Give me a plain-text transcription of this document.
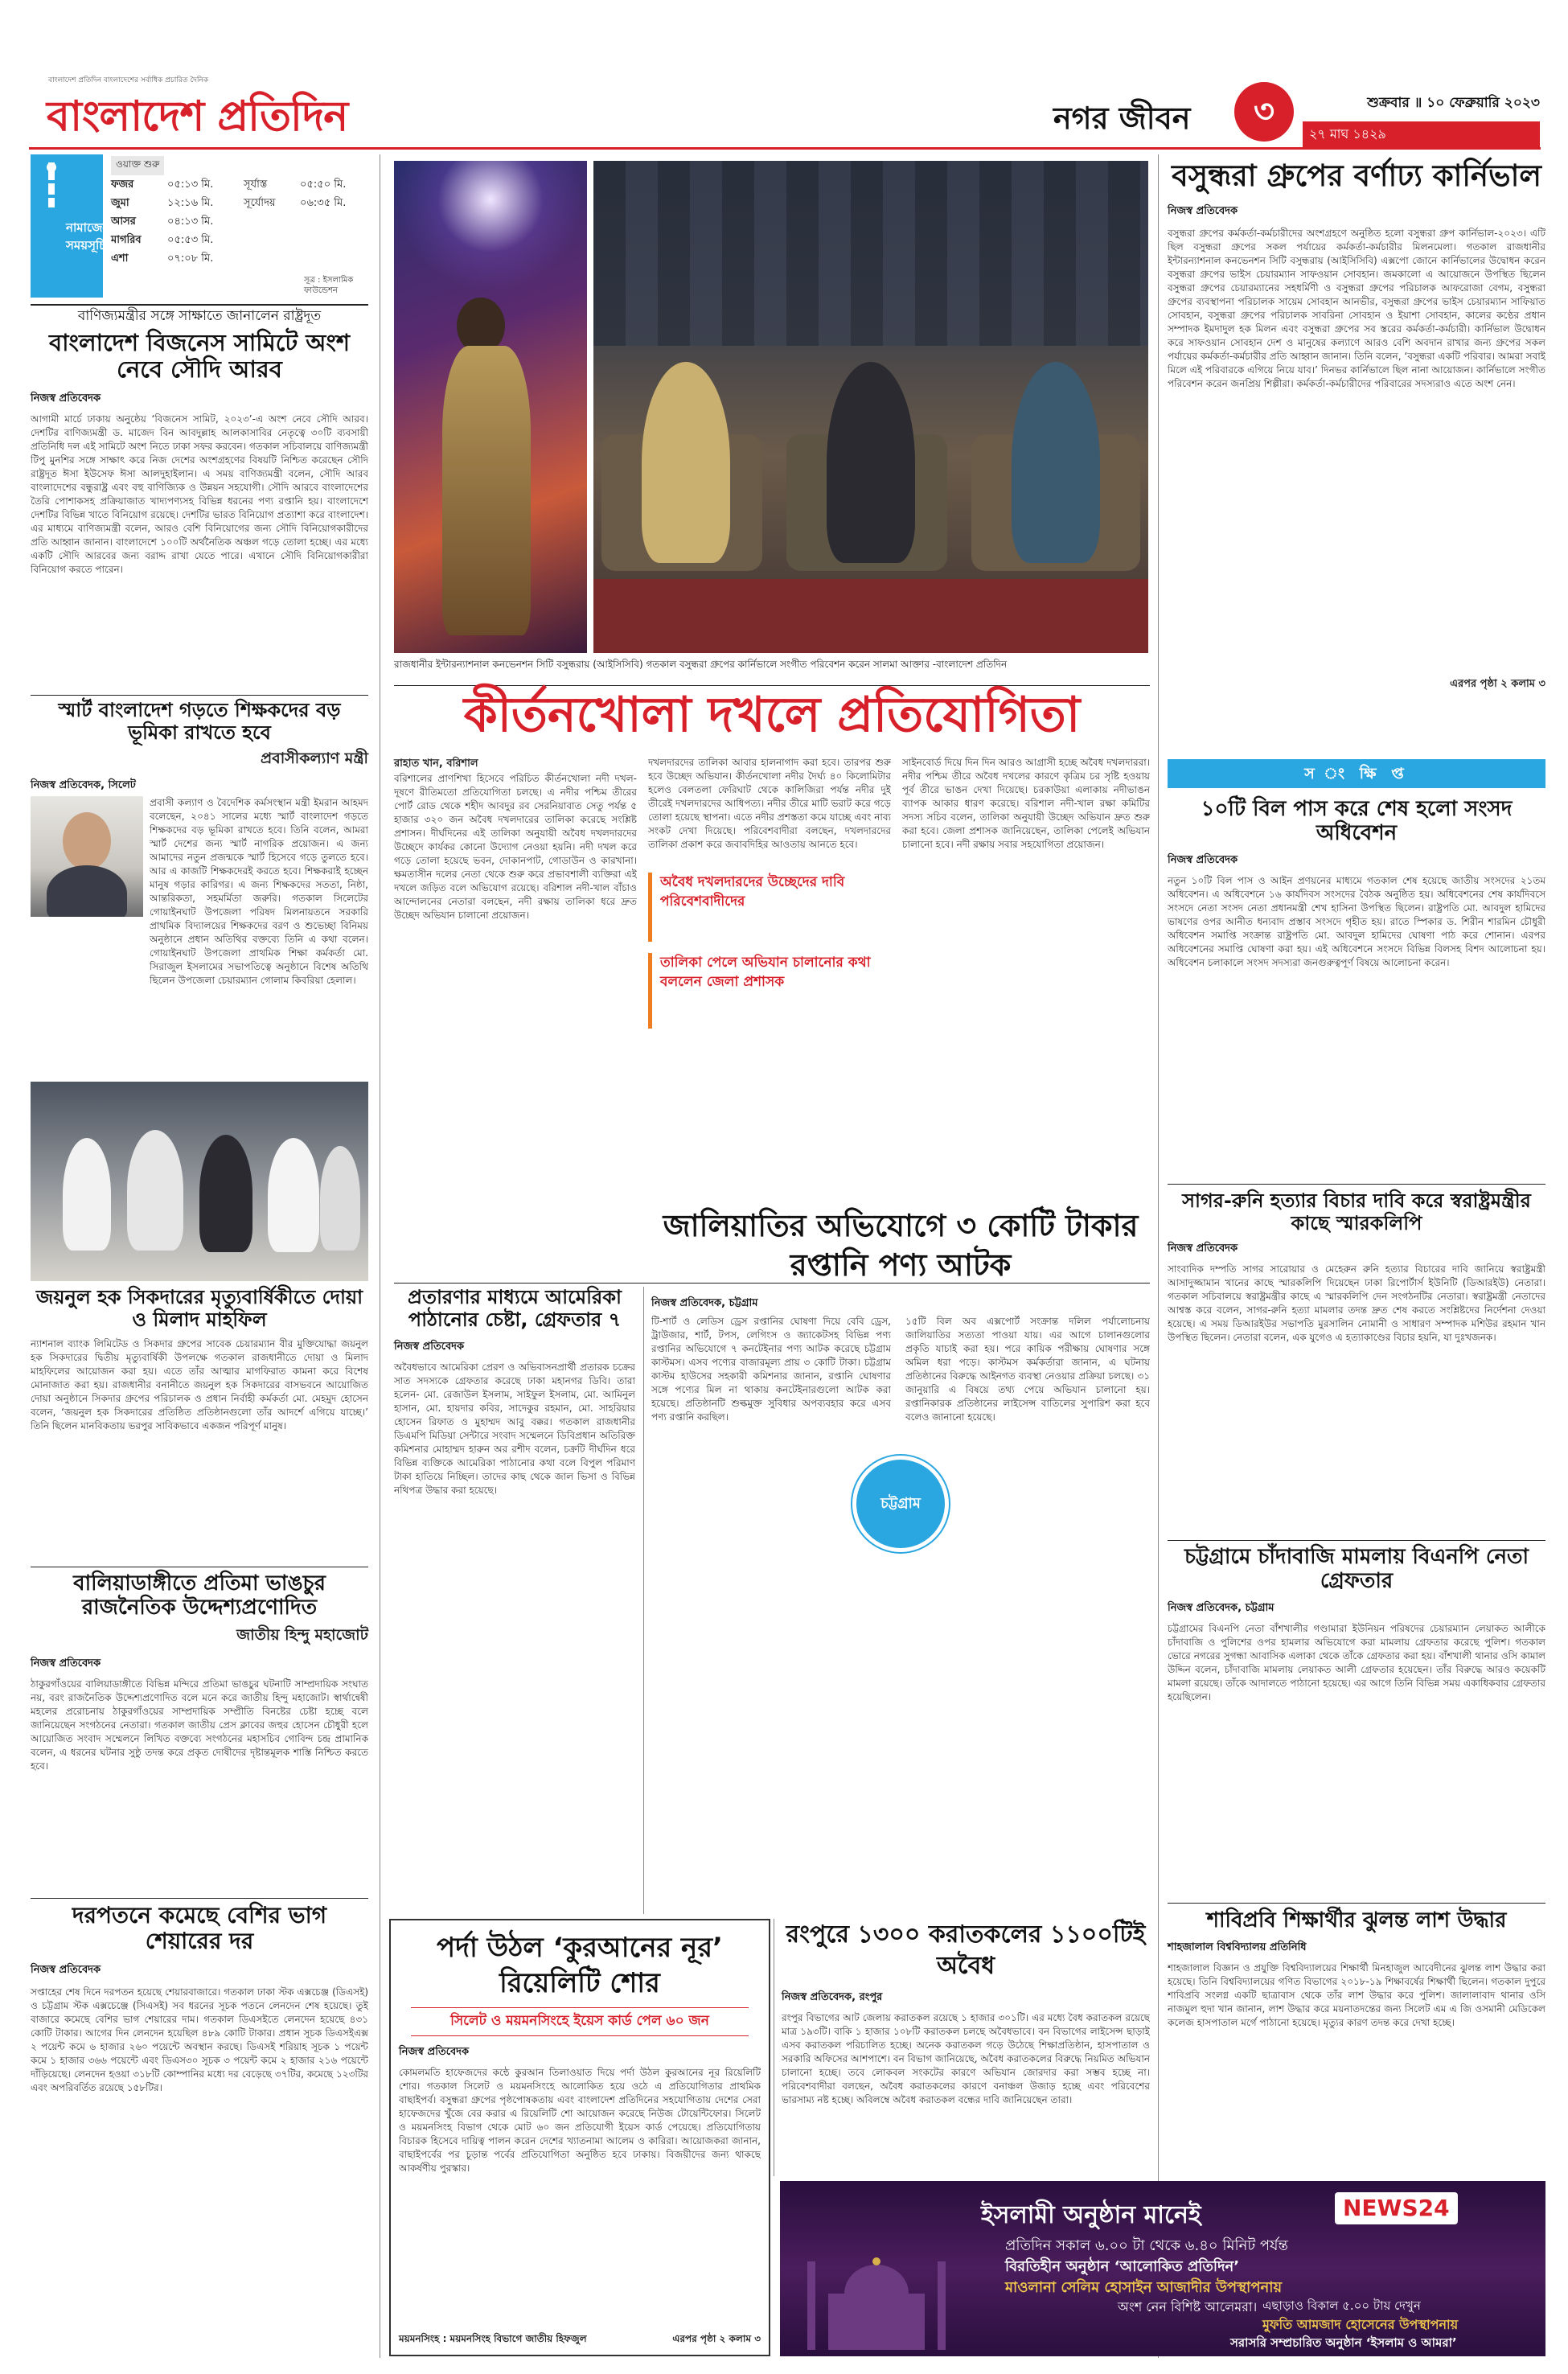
বাংলাদেশ প্রতিদিন বাংলাদেশের সর্বাধিক প্রচারিত দৈনিক
বাংলাদেশ প্রতিদিন	নগর জীবন	৩	শুক্রবার ॥ ১০ ফেব্রুয়ারি ২০২৩
২৭ মাঘ ১৪২৯
নামাজের
সময়সূচি
ওয়াক্ত শুরু
ফজর	০৫:১৩ মি.	সূর্যাস্ত	০৫:৫০ মি.
জুমা	১২:১৬ মি.	সূর্যোদয়	০৬:৩৫ মি.
আসর	০৪:১৩ মি.
মাগরিব	০৫:৫৩ মি.
এশা	০৭:০৮ মি.
সূত্র : ইসলামিক ফাউন্ডেশন
বাণিজ্যমন্ত্রীর সঙ্গে সাক্ষাতে জানালেন রাষ্ট্রদূত
বাংলাদেশ বিজনেস সামিটে অংশ নেবে সৌদি আরব
নিজস্ব প্রতিবেদক
আগামী মার্চে ঢাকায় অনুষ্ঠেয় ‘বিজনেস সামিট, ২০২৩’-এ অংশ নেবে সৌদি আরব। দেশটির বাণিজ্যমন্ত্রী ড. মাজেদ বিন আবদুল্লাহ আলকাসাবির নেতৃত্বে ৩০টি ব্যবসায়ী প্রতিনিধি দল এই সামিটে অংশ নিতে ঢাকা সফর করবেন। গতকাল সচিবালয়ে বাণিজ্যমন্ত্রী টিপু মুনশির সঙ্গে সাক্ষাৎ করে নিজ দেশের অংশগ্রহণের বিষয়টি নিশ্চিত করেছেন সৌদি রাষ্ট্রদূত ঈসা ইউসেফ ঈসা আলদুহাইলান। এ সময় বাণিজ্যমন্ত্রী বলেন, সৌদি আরব বাংলাদেশের বন্ধুরাষ্ট্র এবং বহু বাণিজ্যিক ও উন্নয়ন সহযোগী। সৌদি আরবে বাংলাদেশের তৈরি পোশাকসহ প্রক্রিয়াজাত খাদ্যপণ্যসহ বিভিন্ন ধরনের পণ্য রপ্তানি হয়। বাংলাদেশে দেশটির বিভিন্ন খাতে বিনিয়োগ রয়েছে। দেশটির ভারত বিনিয়োগ প্রত্যাশা করে বাংলাদেশ। এর মাধ্যমে বাণিজ্যমন্ত্রী বলেন, আরও বেশি বিনিয়োগের জন্য সৌদি বিনিয়োগকারীদের প্রতি আহ্বান জানান। বাংলাদেশে ১০০টি অর্থনৈতিক অঞ্চল গড়ে তোলা হচ্ছে। এর মধ্যে একটি সৌদি আরবের জন্য বরাদ্দ রাখা যেতে পারে। এখানে সৌদি বিনিয়োগকারীরা বিনিয়োগ করতে পারেন।
স্মার্ট বাংলাদেশ গড়তে শিক্ষকদের বড় ভূমিকা রাখতে হবে
প্রবাসীকল্যাণ মন্ত্রী
নিজস্ব প্রতিবেদক, সিলেট
প্রবাসী কল্যাণ ও বৈদেশিক কর্মসংস্থান মন্ত্রী ইমরান আহমদ বলেছেন, ২০৪১ সালের মধ্যে স্মার্ট বাংলাদেশ গড়তে শিক্ষকদের বড় ভূমিকা রাখতে হবে। তিনি বলেন, আমরা স্মার্ট দেশের জন্য স্মার্ট নাগরিক প্রয়োজন। এ জন্য আমাদের নতুন প্রজন্মকে স্মার্ট হিসেবে গড়ে তুলতে হবে। আর এ কাজটি শিক্ষকদেরই করতে হবে। শিক্ষকরাই হচ্ছেন মানুষ গড়ার কারিগর। এ জন্য শিক্ষকদের সততা, নিষ্ঠা, আন্তরিকতা, সহমর্মিতা জরুরি। গতকাল সিলেটের গোয়াইনঘাট উপজেলা পরিষদ মিলনায়তনে সরকারি প্রাথমিক বিদ্যালয়ের শিক্ষকদের বরণ ও শুভেচ্ছা বিনিময় অনুষ্ঠানে প্রধান অতিথির বক্তব্যে তিনি এ কথা বলেন। গোয়াইনঘাট উপজেলা প্রাথমিক শিক্ষা কর্মকর্তা মো. সিরাজুল ইসলামের সভাপতিত্বে অনুষ্ঠানে বিশেষ অতিথি ছিলেন উপজেলা চেয়ারম্যান গোলাম কিবরিয়া হেলাল।
জয়নুল হক সিকদারের মৃত্যুবার্ষিকীতে দোয়া ও মিলাদ মাহফিল
ন্যাশনাল ব্যাংক লিমিটেড ও সিকদার গ্রুপের সাবেক চেয়ারম্যান বীর মুক্তিযোদ্ধা জয়নুল হক সিকদারের দ্বিতীয় মৃত্যুবার্ষিকী উপলক্ষে গতকাল রাজধানীতে দোয়া ও মিলাদ মাহফিলের আয়োজন করা হয়। এতে তাঁর আত্মার মাগফিরাত কামনা করে বিশেষ মোনাজাত করা হয়। রাজধানীর বনানীতে জয়নুল হক সিকদারের বাসভবনে আয়োজিত দোয়া অনুষ্ঠানে সিকদার গ্রুপের পরিচালক ও প্রধান নির্বাহী কর্মকর্তা মো. মেহমুদ হোসেন বলেন, ‘জয়নুল হক সিকদারের প্রতিষ্ঠিত প্রতিষ্ঠানগুলো তাঁর আদর্শে এগিয়ে যাচ্ছে।’ তিনি ছিলেন মানবিকতায় ভরপুর সাবিকভাবে একজন পরিপূর্ণ মানুষ।
বালিয়াডাঙ্গীতে প্রতিমা ভাঙচুর রাজনৈতিক উদ্দেশ্যপ্রণোদিত
জাতীয় হিন্দু মহাজোট
নিজস্ব প্রতিবেদক
ঠাকুরগাঁওয়ের বালিয়াডাঙ্গীতে বিভিন্ন মন্দিরে প্রতিমা ভাঙচুর ঘটনাটি সাম্প্রদায়িক সংঘাত নয়, বরং রাজনৈতিক উদ্দেশ্যপ্রণোদিত বলে মনে করে জাতীয় হিন্দু মহাজোট। স্বার্থান্বেষী মহলের প্ররোচনায় ঠাকুরগাঁওয়ের সাম্প্রদায়িক সম্প্রীতি বিনষ্টের চেষ্টা হচ্ছে বলে জানিয়েছেন সংগঠনের নেতারা। গতকাল জাতীয় প্রেস ক্লাবের জহুর হোসেন চৌধুরী হলে আয়োজিত সংবাদ সম্মেলনে লিখিত বক্তব্যে সংগঠনের মহাসচিব গোবিন্দ চন্দ্র প্রামানিক বলেন, এ ধরনের ঘটনার সুষ্ঠু তদন্ত করে প্রকৃত দোষীদের দৃষ্টান্তমূলক শাস্তি নিশ্চিত করতে হবে।
দরপতনে কমেছে বেশির ভাগ শেয়ারের দর
নিজস্ব প্রতিবেদক
সপ্তাহের শেষ দিনে দরপতন হয়েছে শেয়ারবাজারে। গতকাল ঢাকা স্টক এক্সচেঞ্জ (ডিএসই) ও চট্টগ্রাম স্টক এক্সচেঞ্জে (সিএসই) সব ধরনের সূচক পতনে লেনদেন শেষ হয়েছে। তুই বাজারে কমেছে বেশির ভাগ শেয়ারের দাম। গতকাল ডিএসইতে লেনদেন হয়েছে ৪৩১ কোটি টাকার। আগের দিন লেনদেন হয়েছিল ৪৮৯ কোটি টাকার। প্রধান সূচক ডিএসইএক্স ২ পয়েন্ট কমে ৬ হাজার ২৬০ পয়েন্টে অবস্থান করছে। ডিএসই শরিয়াহ সূচক ১ পয়েন্ট কমে ১ হাজার ৩৬৬ পয়েন্টে এবং ডিএস৩০ সূচক ৩ পয়েন্ট কমে ২ হাজার ২১৬ পয়েন্টে দাঁড়িয়েছে। লেনদেন হওয়া ৩১৮টি কোম্পানির মধ্যে দর বেড়েছে ৩৭টির, কমেছে ১২৩টির এবং অপরিবর্তিত রয়েছে ১৫৮টির।
রাজধানীর ইন্টারন্যাশনাল কনভেনশন সিটি বসুন্ধরায় (আইসিসিবি) গতকাল বসুন্ধরা গ্রুপের কার্নিভালে সংগীত পরিবেশন করেন সালমা আক্তার -বাংলাদেশ প্রতিদিন
বসুন্ধরা গ্রুপের বর্ণাঢ্য কার্নিভাল
নিজস্ব প্রতিবেদক
বসুন্ধরা গ্রুপের কর্মকর্তা-কর্মচারীদের অংশগ্রহণে অনুষ্ঠিত হলো বসুন্ধরা গ্রুপ কার্নিভাল-২০২৩। এটি ছিল বসুন্ধরা গ্রুপের সকল পর্যায়ের কর্মকর্তা-কর্মচারীর মিলনমেলা। গতকাল রাজধানীর ইন্টারন্যাশনাল কনভেনশন সিটি বসুন্ধরায় (আইসিসিবি) এক্সপো জোনে কার্নিভালের উদ্বোধন করেন বসুন্ধরা গ্রুপের ভাইস চেয়ারম্যান সাফওয়ান সোবহান। জমকালো এ আয়োজনে উপস্থিত ছিলেন বসুন্ধরা গ্রুপের চেয়ারম্যানের সহধর্মিণী ও বসুন্ধরা গ্রুপের পরিচালক আফরোজা বেগম, বসুন্ধরা গ্রুপের ব্যবস্থাপনা পরিচালক সায়েম সোবহান আনভীর, বসুন্ধরা গ্রুপের ভাইস চেয়ারম্যান সাফিয়াত সোবহান, বসুন্ধরা গ্রুপের পরিচালক সাবরিনা সোবহান ও ইয়াশা সোবহান, কালের কণ্ঠের প্রধান সম্পাদক ইমদাদুল হক মিলন এবং বসুন্ধরা গ্রুপের সব স্তরের কর্মকর্তা-কর্মচারী। কার্নিভাল উদ্বোধন করে সাফওয়ান সোবহান দেশ ও মানুষের কল্যাণে আরও বেশি অবদান রাখার জন্য গ্রুপের সকল পর্যায়ের কর্মকর্তা-কর্মচারীর প্রতি আহ্বান জানান। তিনি বলেন, ‘বসুন্ধরা একটি পরিবার। আমরা সবাই মিলে এই পরিবারকে এগিয়ে নিয়ে যাব।’ দিনভর কার্নিভালে ছিল নানা আয়োজন। কার্নিভালে সংগীত পরিবেশন করেন জনপ্রিয় শিল্পীরা। কর্মকর্তা-কর্মচারীদের পরিবারের সদস্যরাও এতে অংশ নেন।
এরপর পৃষ্ঠা ২ কলাম ৩
স ং ক্ষি প্ত
১০টি বিল পাস করে শেষ হলো সংসদ অধিবেশন
নিজস্ব প্রতিবেদক
নতুন ১০টি বিল পাস ও আইন প্রণয়নের মাধ্যমে গতকাল শেষ হয়েছে জাতীয় সংসদের ২১তম অধিবেশন। এ অধিবেশনে ১৬ কার্যদিবস সংসদের বৈঠক অনুষ্ঠিত হয়। অধিবেশনের শেষ কার্যদিবসে সংসদে নেতা সংসদ নেতা প্রধানমন্ত্রী শেখ হাসিনা উপস্থিত ছিলেন। রাষ্ট্রপতি মো. আবদুল হামিদের ভাষণের ওপর আনীত ধন্যবাদ প্রস্তাব সংসদে গৃহীত হয়। রাতে স্পিকার ড. শিরীন শারমিন চৌধুরী অধিবেশন সমাপ্তি সংক্রান্ত রাষ্ট্রপতি মো. আবদুল হামিদের ঘোষণা পাঠ করে শোনান। এরপর অধিবেশনের সমাপ্তি ঘোষণা করা হয়। এই অধিবেশনে সংসদে বিভিন্ন বিলসহ বিশদ আলোচনা হয়। অধিবেশন চলাকালে সংসদ সদস্যরা জনগুরুত্বপূর্ণ বিষয়ে আলোচনা করেন।
সাগর-রুনি হত্যার বিচার দাবি করে স্বরাষ্ট্রমন্ত্রীর কাছে স্মারকলিপি
নিজস্ব প্রতিবেদক
সাংবাদিক দম্পতি সাগর সারোয়ার ও মেহেরুন রুনি হত্যার বিচারের দাবি জানিয়ে স্বরাষ্ট্রমন্ত্রী আসাদুজ্জামান খানের কাছে স্মারকলিপি দিয়েছেন ঢাকা রিপোর্টার্স ইউনিটি (ডিআরইউ) নেতারা। গতকাল সচিবালয়ে স্বরাষ্ট্রমন্ত্রীর কাছে এ স্মারকলিপি দেন সংগঠনটির নেতারা। স্বরাষ্ট্রমন্ত্রী নেতাদের আশ্বস্ত করে বলেন, সাগর-রুনি হত্যা মামলার তদন্ত দ্রুত শেষ করতে সংশ্লিষ্টদের নির্দেশনা দেওয়া হয়েছে। এ সময় ডিআরইউর সভাপতি মুরসালিন নোমানী ও সাধারণ সম্পাদক মশিউর রহমান খান উপস্থিত ছিলেন। নেতারা বলেন, এক যুগেও এ হত্যাকাণ্ডের বিচার হয়নি, যা দুঃখজনক।
চট্টগ্রামে চাঁদাবাজি মামলায় বিএনপি নেতা গ্রেফতার
নিজস্ব প্রতিবেদক, চট্টগ্রাম
চট্টগ্রামের বিএনপি নেতা বাঁশখালীর গণ্ডামারা ইউনিয়ন পরিষদের চেয়ারম্যান লেয়াকত আলীকে চাঁদাবাজি ও পুলিশের ওপর হামলার অভিযোগে করা মামলায় গ্রেফতার করেছে পুলিশ। গতকাল ভোরে নগরের সুগন্ধা আবাসিক এলাকা থেকে তাঁকে গ্রেফতার করা হয়। বাঁশখালী থানার ওসি কামাল উদ্দিন বলেন, চাঁদাবাজি মামলায় লেয়াকত আলী গ্রেফতার হয়েছেন। তাঁর বিরুদ্ধে আরও কয়েকটি মামলা রয়েছে। তাঁকে আদালতে পাঠানো হয়েছে। এর আগে তিনি বিভিন্ন সময় একাধিকবার গ্রেফতার হয়েছিলেন।
শাবিপ্রবি শিক্ষার্থীর ঝুলন্ত লাশ উদ্ধার
শাহজালাল বিশ্ববিদ্যালয় প্রতিনিধি
শাহজালাল বিজ্ঞান ও প্রযুক্তি বিশ্ববিদ্যালয়ের শিক্ষার্থী মিনহাজুল আবেদীনের ঝুলন্ত লাশ উদ্ধার করা হয়েছে। তিনি বিশ্ববিদ্যালয়ের গণিত বিভাগের ২০১৮-১৯ শিক্ষাবর্ষের শিক্ষার্থী ছিলেন। গতকাল দুপুরে শাবিপ্রবি সংলগ্ন একটি ছাত্রাবাস থেকে তাঁর লাশ উদ্ধার করে পুলিশ। জালালাবাদ থানার ওসি নাজমুল হুদা খান জানান, লাশ উদ্ধার করে ময়নাতদন্তের জন্য সিলেট এম এ জি ওসমানী মেডিকেল কলেজ হাসপাতাল মর্গে পাঠানো হয়েছে। মৃত্যুর কারণ তদন্ত করে দেখা হচ্ছে।
কীর্তনখোলা দখলে প্রতিযোগিতা
রাহাত খান, বরিশাল
বরিশালের প্রাণশিখা হিসেবে পরিচিত কীর্তনখোলা নদী দখল-দূষণে রীতিমতো প্রতিযোগিতা চলছে। এ নদীর পশ্চিম তীরের পোর্ট রোড থেকে শহীদ আবদুর রব সেরনিয়াবাত সেতু পর্যন্ত ৫ হাজার ৩২০ জন অবৈধ দখলদারের তালিকা করেছে সংশ্লিষ্ট প্রশাসন। দীর্ঘদিনের এই তালিকা অনুযায়ী অবৈধ দখলদারদের উচ্ছেদে কার্যকর কোনো উদ্যোগ নেওয়া হয়নি। নদী দখল করে গড়ে তোলা হয়েছে ভবন, দোকানপাট, গোডাউন ও কারখানা। ক্ষমতাসীন দলের নেতা থেকে শুরু করে প্রভাবশালী ব্যক্তিরা এই দখলে জড়িত বলে অভিযোগ রয়েছে। বরিশাল নদী-খাল বাঁচাও আন্দোলনের নেতারা বলছেন, নদী রক্ষায় তালিকা ধরে দ্রুত উচ্ছেদ অভিযান চালানো প্রয়োজন।
দখলদারদের তালিকা আবার হালনাগাদ করা হবে। তারপর শুরু হবে উচ্ছেদ অভিযান। কীর্তনখোলা নদীর দৈর্ঘ্য ৪০ কিলোমিটার হলেও বেলতলা ফেরিঘাট থেকে কালিজিরা পর্যন্ত নদীর দুই তীরেই দখলদারদের আধিপত্য। নদীর তীরে মাটি ভরাট করে গড়ে তোলা হয়েছে স্থাপনা। এতে নদীর প্রশস্ততা কমে যাচ্ছে এবং নাব্য সংকট দেখা দিয়েছে। পরিবেশবাদীরা বলছেন, দখলদারদের তালিকা প্রকাশ করে জবাবদিহির আওতায় আনতে হবে।
অবৈধ দখলদারদের উচ্ছেদের দাবি পরিবেশবাদীদের
তালিকা পেলে অভিযান চালানোর কথা বললেন জেলা প্রশাসক
সাইনবোর্ড দিয়ে দিন দিন আরও আগ্রাসী হচ্ছে অবৈধ দখলদাররা। নদীর পশ্চিম তীরে অবৈধ দখলের কারণে কৃত্রিম চর সৃষ্টি হওয়ায় পূর্ব তীরে ভাঙন দেখা দিয়েছে। চরকাউয়া এলাকায় নদীভাঙন ব্যাপক আকার ধারণ করেছে। বরিশাল নদী-খাল রক্ষা কমিটির সদস্য সচিব বলেন, তালিকা অনুযায়ী উচ্ছেদ অভিযান দ্রুত শুরু করা হবে। জেলা প্রশাসক জানিয়েছেন, তালিকা পেলেই অভিযান চালানো হবে। নদী রক্ষায় সবার সহযোগিতা প্রয়োজন।
প্রতারণার মাধ্যমে আমেরিকা পাঠানোর চেষ্টা, গ্রেফতার ৭
নিজস্ব প্রতিবেদক
অবৈধভাবে আমেরিকা প্রেরণ ও অভিবাসনপ্রার্থী প্রতারক চক্রের সাত সদস্যকে গ্রেফতার করেছে ঢাকা মহানগর ডিবি। তারা হলেন- মো. রেজাউল ইসলাম, সাইফুল ইসলাম, মো. আমিনুল হাসান, মো. হায়দার কবির, সাদেকুর রহমান, মো. সাহরিয়ার হোসেন রিফাত ও মুহাম্মদ আবু বক্কর। গতকাল রাজধানীর ডিএমপি মিডিয়া সেন্টারে সংবাদ সম্মেলনে ডিবিপ্রধান অতিরিক্ত কমিশনার মোহাম্মদ হারুন অর রশীদ বলেন, চক্রটি দীর্ঘদিন ধরে বিভিন্ন ব্যক্তিকে আমেরিকা পাঠানোর কথা বলে বিপুল পরিমাণ টাকা হাতিয়ে নিচ্ছিল। তাদের কাছ থেকে জাল ভিসা ও বিভিন্ন নথিপত্র উদ্ধার করা হয়েছে।
জালিয়াতির অভিযোগে ৩ কোটি টাকার রপ্তানি পণ্য আটক
নিজস্ব প্রতিবেদক, চট্টগ্রাম
টি-শার্ট ও লেডিস ড্রেস রপ্তানির ঘোষণা দিয়ে বেবি ড্রেস, ট্রাউজার, শার্ট, টপস, লেগিংস ও জ্যাকেটসহ বিভিন্ন পণ্য রপ্তানির অভিযোগে ৭ কনটেইনার পণ্য আটক করেছে চট্টগ্রাম কাস্টমস। এসব পণ্যের বাজারমূল্য প্রায় ৩ কোটি টাকা। চট্টগ্রাম কাস্টম হাউসের সহকারী কমিশনার জানান, রপ্তানি ঘোষণার সঙ্গে পণ্যের মিল না থাকায় কনটেইনারগুলো আটক করা হয়েছে। প্রতিষ্ঠানটি শুল্কমুক্ত সুবিধার অপব্যবহার করে এসব পণ্য রপ্তানি করছিল।
১৫টি বিল অব এক্সপোর্ট সংক্রান্ত দলিল পর্যালোচনায় জালিয়াতির সত্যতা পাওয়া যায়। এর আগে চালানগুলোর প্রকৃতি যাচাই করা হয়। পরে কায়িক পরীক্ষায় ঘোষণার সঙ্গে অমিল ধরা পড়ে। কাস্টমস কর্মকর্তারা জানান, এ ঘটনায় প্রতিষ্ঠানের বিরুদ্ধে আইনগত ব্যবস্থা নেওয়ার প্রক্রিয়া চলছে। ৩১ জানুয়ারি এ বিষয়ে তথ্য পেয়ে অভিযান চালানো হয়। রপ্তানিকারক প্রতিষ্ঠানের লাইসেন্স বাতিলের সুপারিশ করা হবে বলেও জানানো হয়েছে।
চট্টগ্রাম
পর্দা উঠল ‘কুরআনের নূর’ রিয়েলিটি শোর
সিলেট ও ময়মনসিংহে ইয়েস কার্ড পেল ৬০ জন
নিজস্ব প্রতিবেদক
কোমলমতি হাফেজদের কন্ঠে কুরআন তিলাওয়াত দিয়ে পর্দা উঠল কুরআনের নূর রিয়েলিটি শোর। গতকাল সিলেট ও ময়মনসিংহে আলোকিত হয়ে ওঠে এ প্রতিযোগিতার প্রাথমিক বাছাইপর্ব। বসুন্ধরা গ্রুপের পৃষ্ঠপোষকতায় এবং বাংলাদেশ প্রতিদিনের সহযোগিতায় দেশের সেরা হাফেজদের খুঁজে বের করার এ রিয়েলিটি শো আয়োজন করেছে নিউজ টোয়েন্টিফোর। সিলেট ও ময়মনসিংহ বিভাগ থেকে মোট ৬০ জন প্রতিযোগী ইয়েস কার্ড পেয়েছে। প্রতিযোগিতায় বিচারক হিসেবে দায়িত্ব পালন করেন দেশের খ্যাতনামা আলেম ও কারিরা। আয়োজকরা জানান, বাছাইপর্বের পর চূড়ান্ত পর্বের প্রতিযোগিতা অনুষ্ঠিত হবে ঢাকায়। বিজয়ীদের জন্য থাকছে আকর্ষণীয় পুরস্কার।
ময়মনসিংহ : ময়মনসিংহ বিভাগে জাতীয় হিফজুল	এরপর পৃষ্ঠা ২ কলাম ৩
রংপুরে ১৩০০ করাতকলের ১১০০টিই অবৈধ
নিজস্ব প্রতিবেদক, রংপুর
রংপুর বিভাগের আট জেলায় করাতকল রয়েছে ১ হাজার ৩০১টি। এর মধ্যে বৈধ করাতকল রয়েছে মাত্র ১৯৩টি। বাকি ১ হাজার ১০৮টি করাতকল চলছে অবৈধভাবে। বন বিভাগের লাইসেন্স ছাড়াই এসব করাতকল পরিচালিত হচ্ছে। অনেক করাতকল গড়ে উঠেছে শিক্ষাপ্রতিষ্ঠান, হাসপাতাল ও সরকারি অফিসের আশপাশে। বন বিভাগ জানিয়েছে, অবৈধ করাতকলের বিরুদ্ধে নিয়মিত অভিযান চালানো হচ্ছে। তবে লোকবল সংকটের কারণে অভিযান জোরদার করা সম্ভব হচ্ছে না। পরিবেশবাদীরা বলছেন, অবৈধ করাতকলের কারণে বনাঞ্চল উজাড় হচ্ছে এবং পরিবেশের ভারসাম্য নষ্ট হচ্ছে। অবিলম্বে অবৈধ করাতকল বন্ধের দাবি জানিয়েছেন তারা।
ইসলামী অনুষ্ঠান মানেই	NEWS24
প্রতিদিন সকাল ৬.০০ টা থেকে ৬.৪০ মিনিট পর্যন্ত
বিরতিহীন অনুষ্ঠান ‘আলোকিত প্রতিদিন’
মাওলানা সেলিম হোসাইন আজাদীর উপস্থাপনায়
অংশ নেন বিশিষ্ট আলেমরা। এছাড়াও বিকাল ৫.০০ টায় দেখুন
মুফতি আমজাদ হোসেনের উপস্থাপনায়
সরাসরি সম্প্রচারিত অনুষ্ঠান ‘ইসলাম ও আমরা’
